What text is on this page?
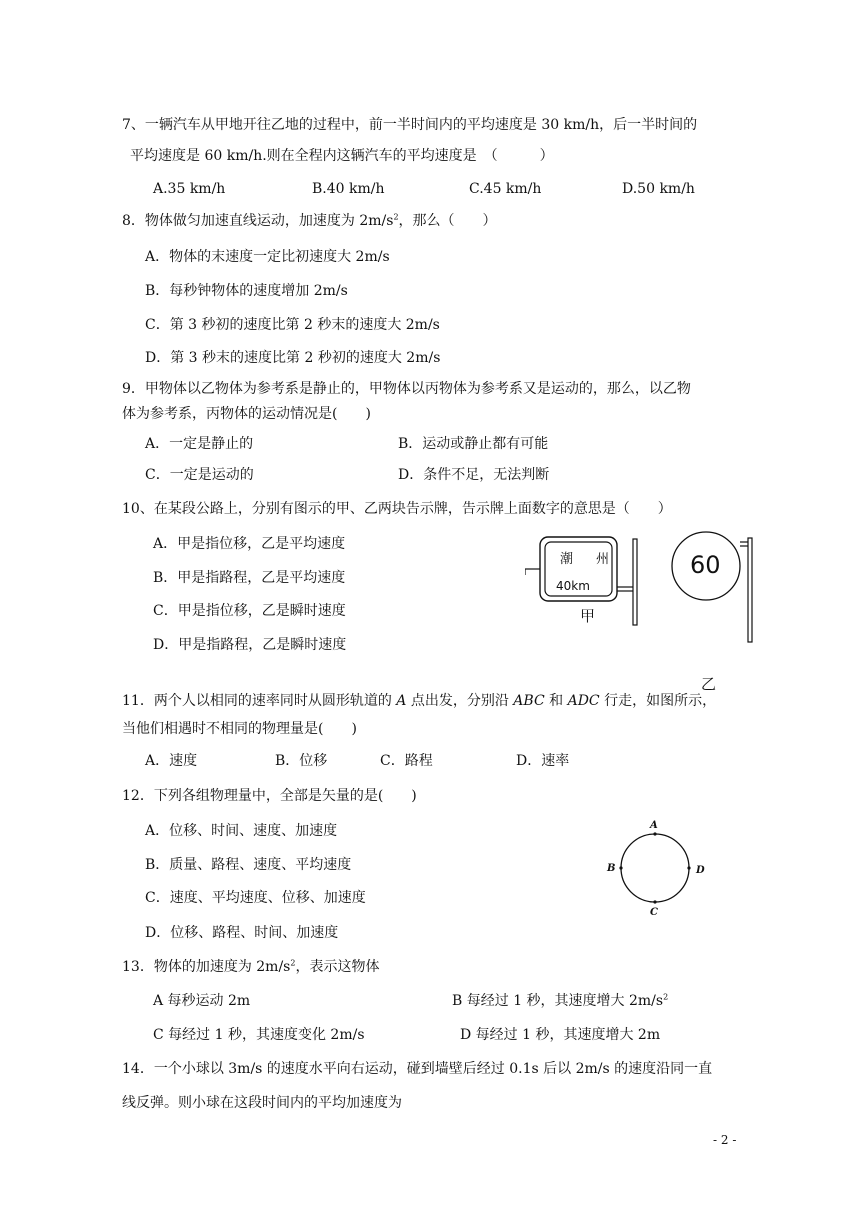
7、一辆汽车从甲地开往乙地的过程中，前一半时间内的平均速度是 30 km/h，后一半时间的
平均速度是 60 km/h.则在全程内这辆汽车的平均速度是　（　　　）
A.35 km/h	B.40 km/h	C.45 km/h	D.50 km/h
8．物体做匀加速直线运动，加速度为 $2m/s^2$，那么（　　）
A．物体的末速度一定比初速度大 2m/s
B．每秒钟物体的速度增加 2m/s
C．第 3 秒初的速度比第 2 秒末的速度大 2m/s
D．第 3 秒末的速度比第 2 秒初的速度大 2m/s
9．甲物体以乙物体为参考系是静止的，甲物体以丙物体为参考系又是运动的，那么，以乙物
体为参考系，丙物体的运动情况是(　　)
A．一定是静止的	B．运动或静止都有可能
C．一定是运动的	D．条件不足，无法判断
10、在某段公路上，分别有图示的甲、乙两块告示牌，告示牌上面数字的意思是（　　）
A．甲是指位移，乙是平均速度
B．甲是指路程，乙是平均速度
C．甲是指位移，乙是瞬时速度
D．甲是指路程，乙是瞬时速度
潮 州
40km
甲
60
乙
11．两个人以相同的速率同时从圆形轨道的 A 点出发，分别沿 ABC 和 ADC 行走，如图所示，
当他们相遇时不相同的物理量是(　　)
A．速度	B．位移	C．路程	D．速率
12．下列各组物理量中，全部是矢量的是(　　)
A．位移、时间、速度、加速度
B．质量、路程、速度、平均速度
C．速度、平均速度、位移、加速度
D．位移、路程、时间、加速度
A
B	D
C
13．物体的加速度为 $2m/s^2$，表示这物体
A 每秒运动 2m	B 每经过 1 秒，其速度增大 $2m/s^2$
C 每经过 1 秒，其速度变化 2m/s	D 每经过 1 秒，其速度增大 2m
14．一个小球以 3m/s 的速度水平向右运动，碰到墙壁后经过 0.1s 后以 2m/s 的速度沿同一直
线反弹。则小球在这段时间内的平均加速度为
- 2 -
